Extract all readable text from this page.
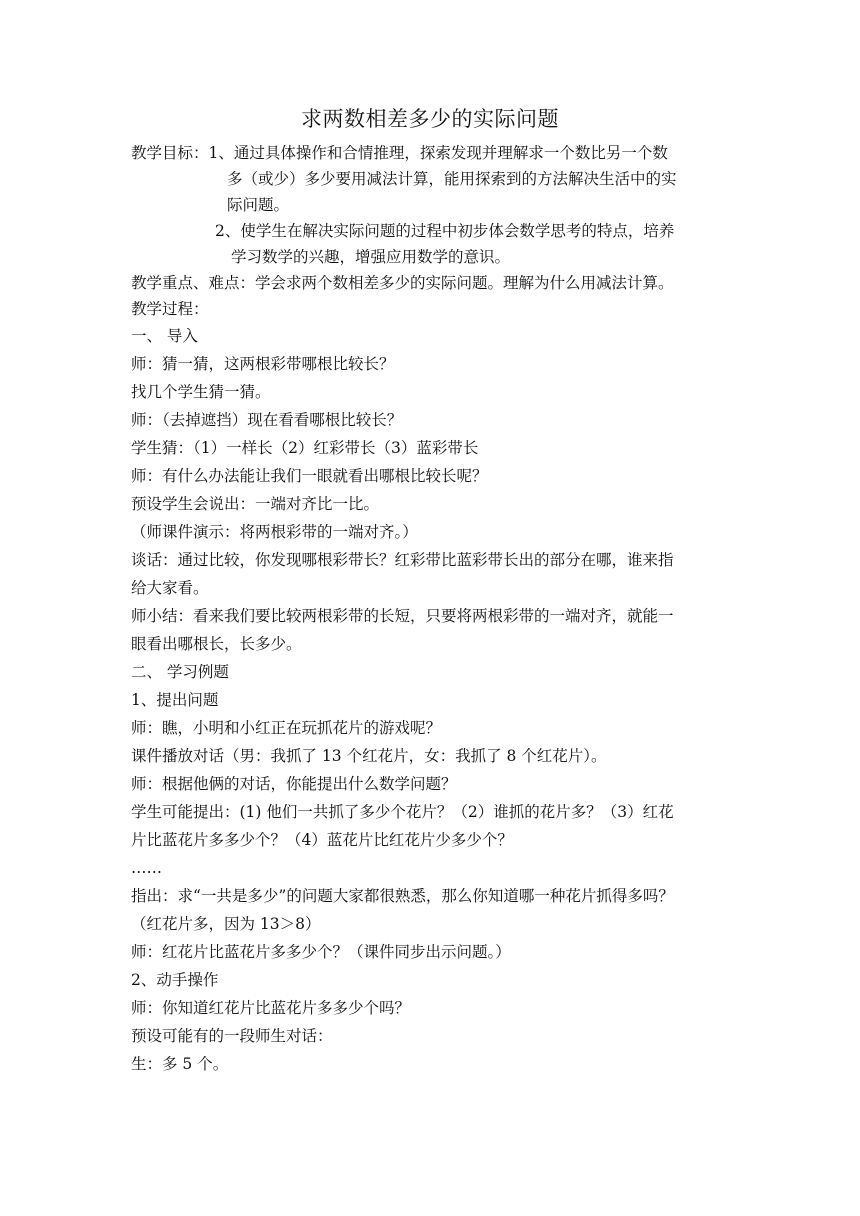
求两数相差多少的实际问题
教学目标：1、通过具体操作和合情推理，探索发现并理解求一个数比另一个数
多（或少）多少要用减法计算，能用探索到的方法解决生活中的实
际问题。
2、使学生在解决实际问题的过程中初步体会数学思考的特点，培养
学习数学的兴趣，增强应用数学的意识。
教学重点、难点：学会求两个数相差多少的实际问题。理解为什么用减法计算。
教学过程：
一、 导入
师：猜一猜，这两根彩带哪根比较长？
找几个学生猜一猜。
师：（去掉遮挡）现在看看哪根比较长？
学生猜：（1）一样长（2）红彩带长（3）蓝彩带长
师：有什么办法能让我们一眼就看出哪根比较长呢？
预设学生会说出：一端对齐比一比。
（师课件演示：将两根彩带的一端对齐。）
谈话：通过比较，你发现哪根彩带长？红彩带比蓝彩带长出的部分在哪，谁来指
给大家看。
师小结：看来我们要比较两根彩带的长短，只要将两根彩带的一端对齐，就能一
眼看出哪根长，长多少。
二、 学习例题
1、提出问题
师：瞧，小明和小红正在玩抓花片的游戏呢？
课件播放对话（男：我抓了 13 个红花片，女：我抓了 8 个红花片）。
师：根据他俩的对话，你能提出什么数学问题？
学生可能提出：(1) 他们一共抓了多少个花片？（2）谁抓的花片多？（3）红花
片比蓝花片多多少个？（4）蓝花片比红花片少多少个？
……
指出：求“一共是多少”的问题大家都很熟悉，那么你知道哪一种花片抓得多吗？
（红花片多，因为 13＞8）
师：红花片比蓝花片多多少个？（课件同步出示问题。）
2、动手操作
师：你知道红花片比蓝花片多多少个吗？
预设可能有的一段师生对话：
生：多 5 个。
